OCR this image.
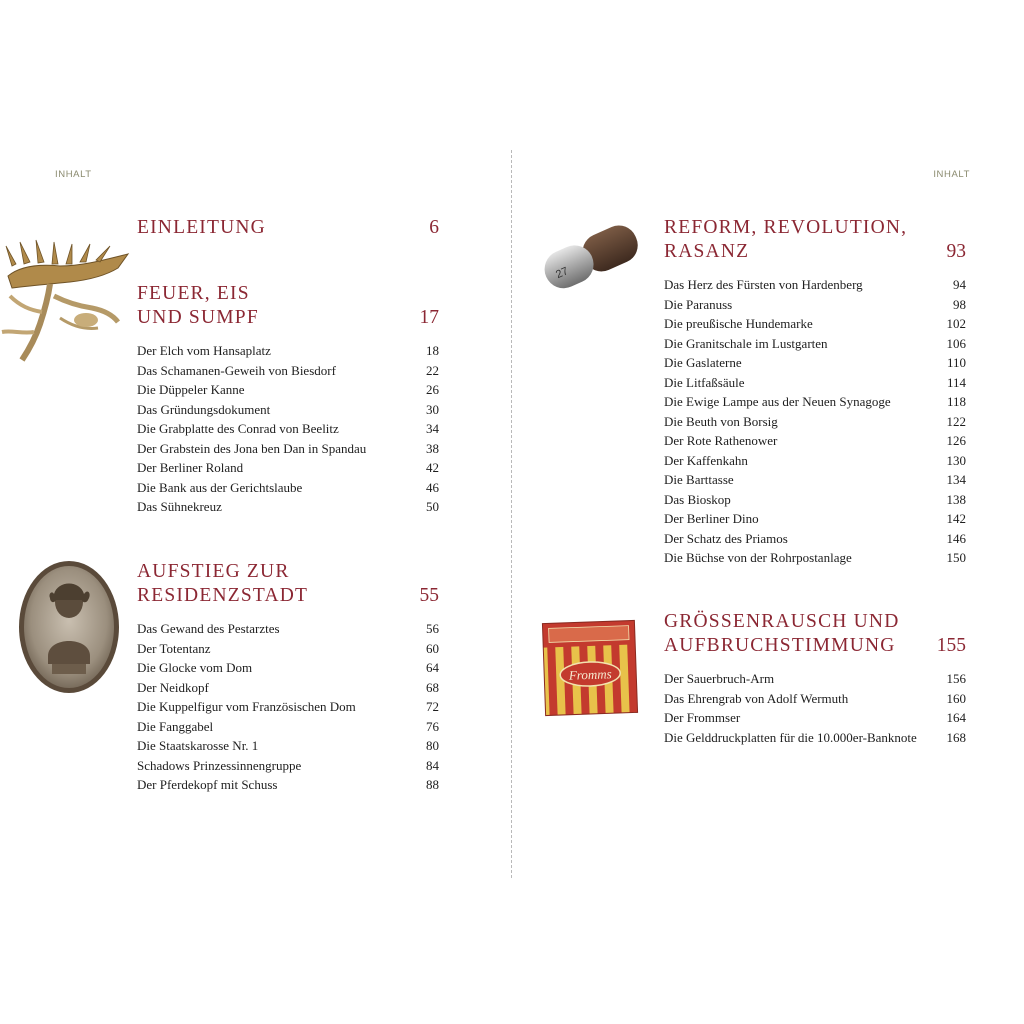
INHALT
EINLEITUNG	6
FEUER, EIS UND SUMPF	17
Der Elch vom Hansaplatz	18
Das Schamanen-Geweih von Biesdorf	22
Die Düppeler Kanne	26
Das Gründungsdokument	30
Die Grabplatte des Conrad von Beelitz	34
Der Grabstein des Jona ben Dan in Spandau	38
Der Berliner Roland	42
Die Bank aus der Gerichtslaube	46
Das Sühnekreuz	50
AUFSTIEG ZUR RESIDENZSTADT	55
Das Gewand des Pestarztes	56
Der Totentanz	60
Die Glocke vom Dom	64
Der Neidkopf	68
Die Kuppelfigur vom Französischen Dom	72
Die Fanggabel	76
Die Staatskarosse Nr. 1	80
Schadows Prinzessinnengruppe	84
Der Pferdekopf mit Schuss	88
INHALT
27
Fromms
REFORM, REVOLUTION, RASANZ	93
Das Herz des Fürsten von Hardenberg	94
Die Paranuss	98
Die preußische Hundemarke	102
Die Granitschale im Lustgarten	106
Die Gaslaterne	110
Die Litfaßsäule	114
Die Ewige Lampe aus der Neuen Synagoge	118
Die Beuth von Borsig	122
Der Rote Rathenower	126
Der Kaffenkahn	130
Die Barttasse	134
Das Bioskop	138
Der Berliner Dino	142
Der Schatz des Priamos	146
Die Büchse von der Rohrpostanlage	150
GRÖSSENRAUSCH UND AUFBRUCHSTIMMUNG	155
Der Sauerbruch-Arm	156
Das Ehrengrab von Adolf Wermuth	160
Der Frommser	164
Die Gelddruckplatten für die 10.000er-Banknote 168
